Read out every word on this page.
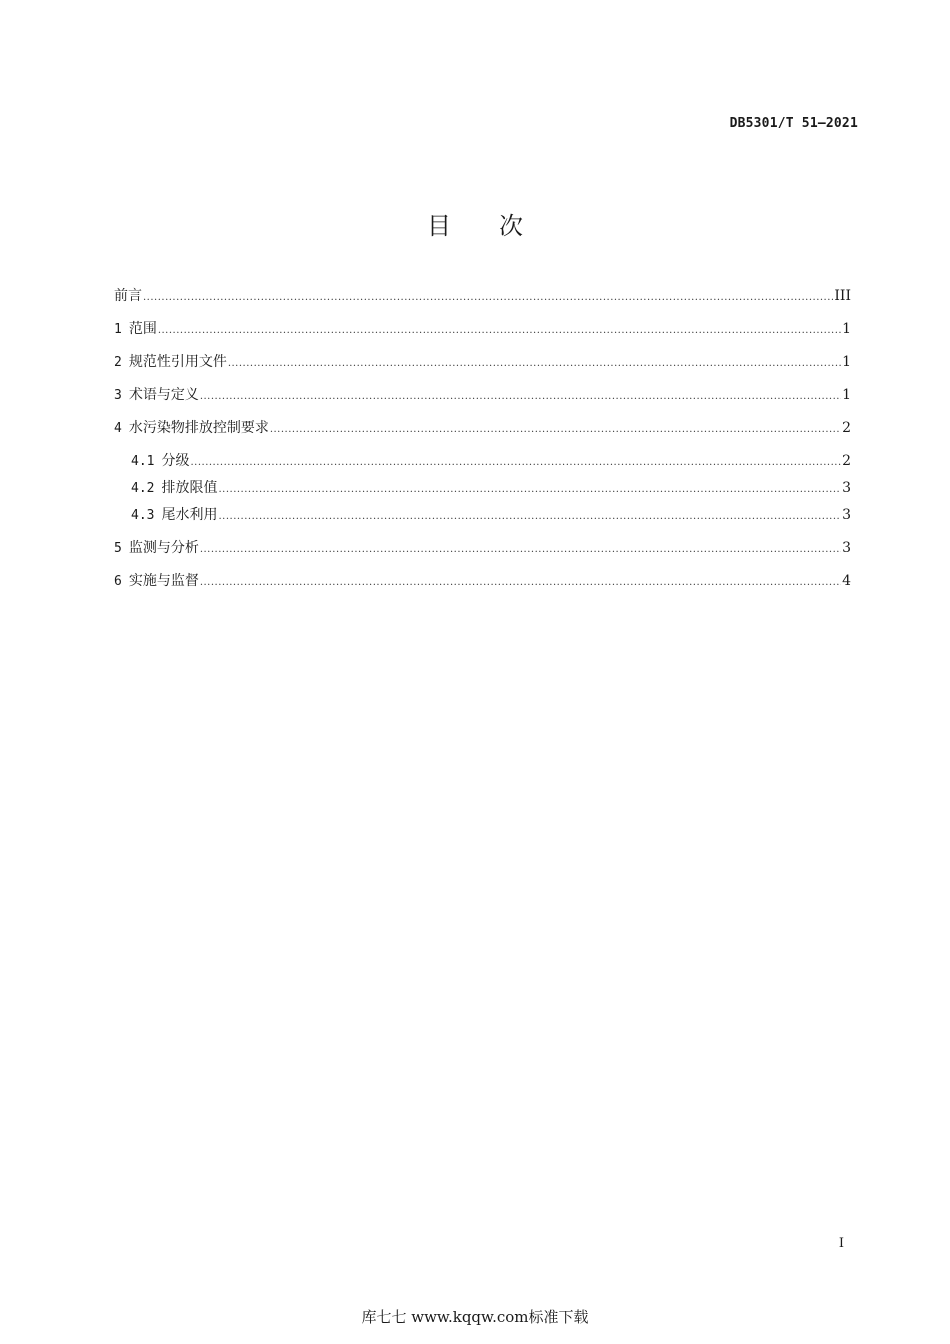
DB5301/T 51—2021
目次
前言 .....	III
1 范围 .....	1
2 规范性引用文件 .....	1
3 术语与定义 .....	1
4 水污染物排放控制要求 .....	2
4.1 分级 .....	2
4.2 排放限值 .....	3
4.3 尾水利用 .....	3
5 监测与分析 .....	3
6 实施与监督 .....	4
I
库七七 www.kqqw.com标准下载
